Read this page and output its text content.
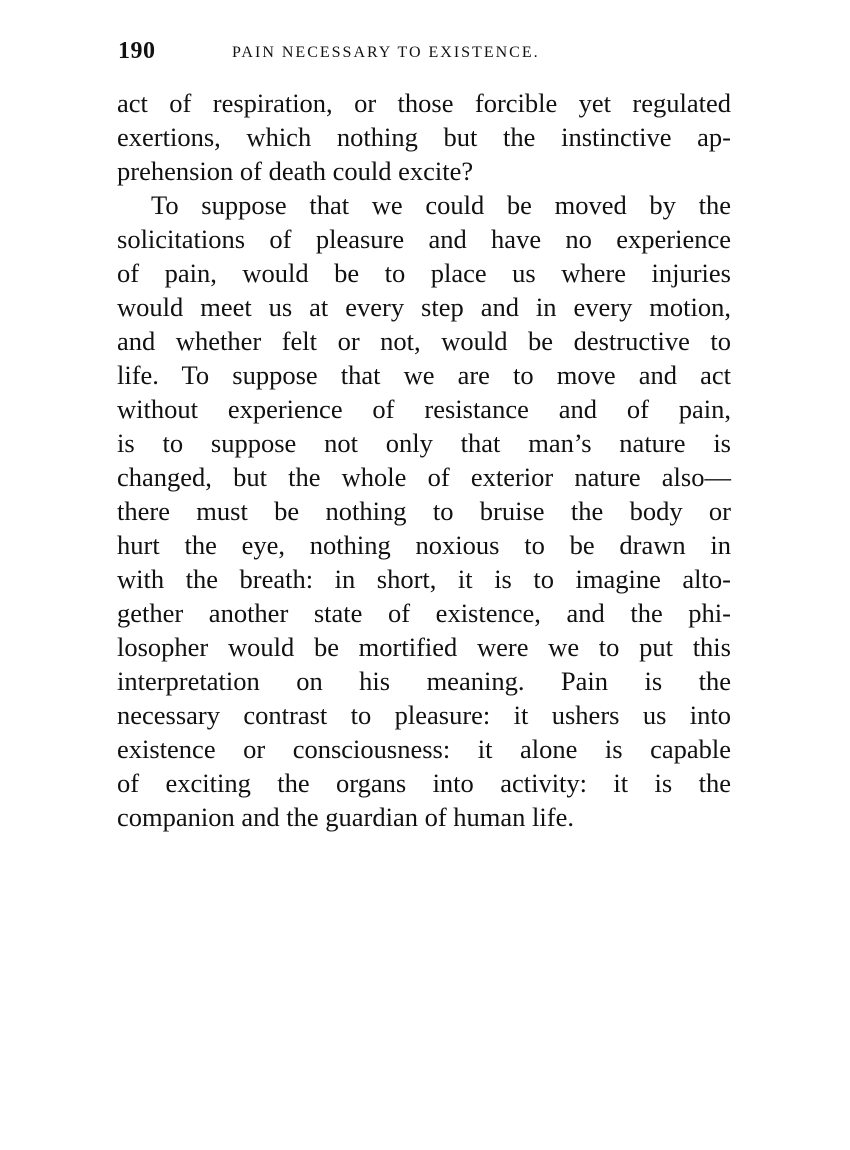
190	PAIN NECESSARY TO EXISTENCE.
act of respiration, or those forcible yet regulated
exertions, which nothing but the instinctive ap-
prehension of death could excite?
To suppose that we could be moved by the
solicitations of pleasure and have no experience
of pain, would be to place us where injuries
would meet us at every step and in every motion,
and whether felt or not, would be destructive to
life. To suppose that we are to move and act
without experience of resistance and of pain,
is to suppose not only that man’s nature is
changed, but the whole of exterior nature also—
there must be nothing to bruise the body or
hurt the eye, nothing noxious to be drawn in
with the breath: in short, it is to imagine alto-
gether another state of existence, and the phi-
losopher would be mortified were we to put this
interpretation on his meaning. Pain is the
necessary contrast to pleasure: it ushers us into
existence or consciousness: it alone is capable
of exciting the organs into activity: it is the
companion and the guardian of human life.
